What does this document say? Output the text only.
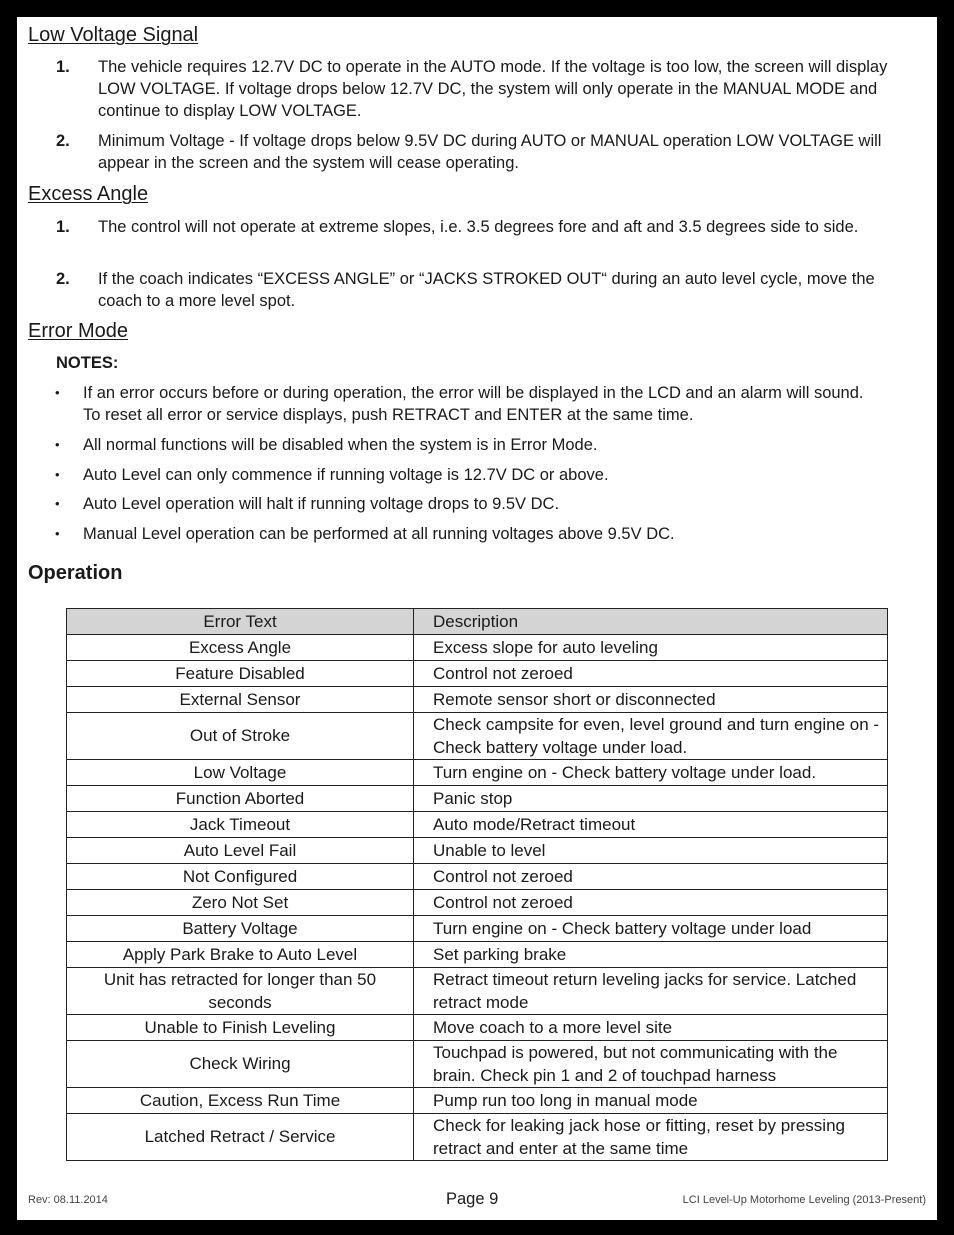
Low Voltage Signal
1. The vehicle requires 12.7V DC to operate in the AUTO mode. If the voltage is too low, the screen will display LOW VOLTAGE. If voltage drops below 12.7V DC, the system will only operate in the MANUAL MODE and continue to display LOW VOLTAGE.
2. Minimum Voltage - If voltage drops below 9.5V DC during AUTO or MANUAL operation LOW VOLTAGE will appear in the screen and the system will cease operating.
Excess Angle
1. The control will not operate at extreme slopes, i.e. 3.5 degrees fore and aft and 3.5 degrees side to side.
2. If the coach indicates “EXCESS ANGLE” or “JACKS STROKED OUT“ during an auto level cycle, move the coach to a more level spot.
Error Mode
NOTES:
• If an error occurs before or during operation, the error will be displayed in the LCD and an alarm will sound. To reset all error or service displays, push RETRACT and ENTER at the same time.
• All normal functions will be disabled when the system is in Error Mode.
• Auto Level can only commence if running voltage is 12.7V DC or above.
• Auto Level operation will halt if running voltage drops to 9.5V DC.
• Manual Level operation can be performed at all running voltages above 9.5V DC.
Operation
Error Text	Description
Excess Angle	Excess slope for auto leveling
Feature Disabled	Control not zeroed
External Sensor	Remote sensor short or disconnected
Out of Stroke	Check campsite for even, level ground and turn engine on - Check battery voltage under load.
Low Voltage	Turn engine on - Check battery voltage under load.
Function Aborted	Panic stop
Jack Timeout	Auto mode/Retract timeout
Auto Level Fail	Unable to level
Not Configured	Control not zeroed
Zero Not Set	Control not zeroed
Battery Voltage	Turn engine on - Check battery voltage under load
Apply Park Brake to Auto Level	Set parking brake
Unit has retracted for longer than 50 seconds	Retract timeout return leveling jacks for service. Latched retract mode
Unable to Finish Leveling	Move coach to a more level site
Check Wiring	Touchpad is powered, but not communicating with the brain. Check pin 1 and 2 of touchpad harness
Caution, Excess Run Time	Pump run too long in manual mode
Latched Retract / Service	Check for leaking jack hose or fitting, reset by pressing retract and enter at the same time
Rev: 08.11.2014	Page 9	LCI Level-Up Motorhome Leveling (2013-Present)
